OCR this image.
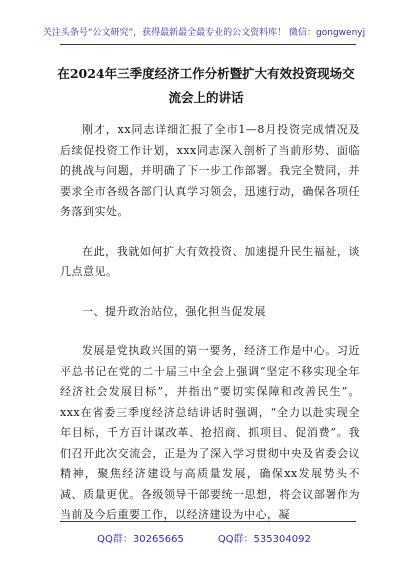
关注头条号“公文研究”，获得最新最全最专业的公文资料库！ 微信：gongwenyj
在2024年三季度经济工作分析暨扩大有效投资现场交流会上的讲话

刚才，xx同志详细汇报了全市1—8月投资完成情况及后续促投资工作计划，xxx同志深入剖析了当前形势、面临的挑战与问题，并明确了下一步工作部署。我完全赞同，并要求全市各级各部门认真学习领会，迅速行动，确保各项任务落到实处。

在此，我就如何扩大有效投资、加速提升民生福祉，谈几点意见。

一、提升政治站位，强化担当促发展

发展是党执政兴国的第一要务，经济工作是中心。习近平总书记在党的二十届三中全会上强调“坚定不移实现全年经济社会发展目标”，并指出“要切实保障和改善民生”。xxx在省委三季度经济总结讲话时强调，“全力以赴实现全年目标，千方百计谋改革、抢招商、抓项目、促消费”。我们召开此次交流会，正是为了深入学习贯彻中央及省委会议精神，聚焦经济建设与高质量发展，确保xx发展势头不减、质量更优。各级领导干部要统一思想，将会议部署作为当前及今后重要工作，以经济建设为中心，凝

QQ群：30265665	QQ群：535304092
